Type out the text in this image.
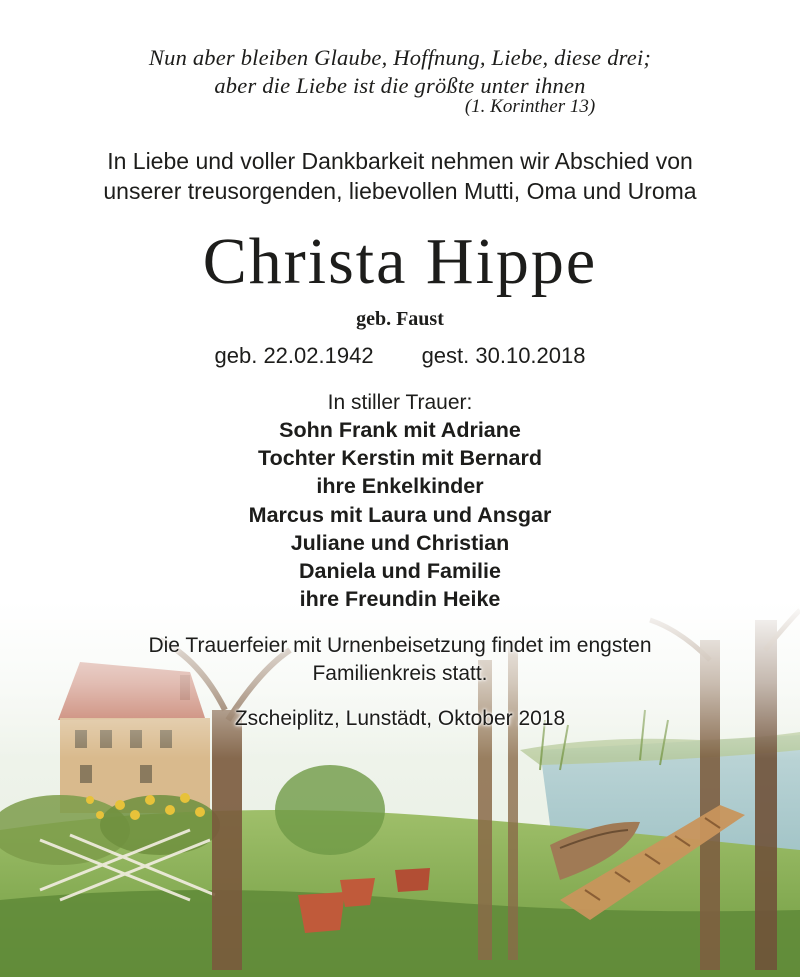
Nun aber bleiben Glaube, Hoffnung, Liebe, diese drei;
aber die Liebe ist die größte unter ihnen
(1. Korinther 13)
In Liebe und voller Dankbarkeit nehmen wir Abschied von
unserer treusorgenden, liebevollen Mutti, Oma und Uroma
Christa Hippe
geb. Faust
geb. 22.02.1942 gest. 30.10.2018
In stiller Trauer:
Sohn Frank mit Adriane
Tochter Kerstin mit Bernard
ihre Enkelkinder
Marcus mit Laura und Ansgar
Juliane und Christian
Daniela und Familie
ihre Freundin Heike
Die Trauerfeier mit Urnenbeisetzung findet im engsten
Familienkreis statt.
Zscheiplitz, Lunstädt, Oktober 2018
